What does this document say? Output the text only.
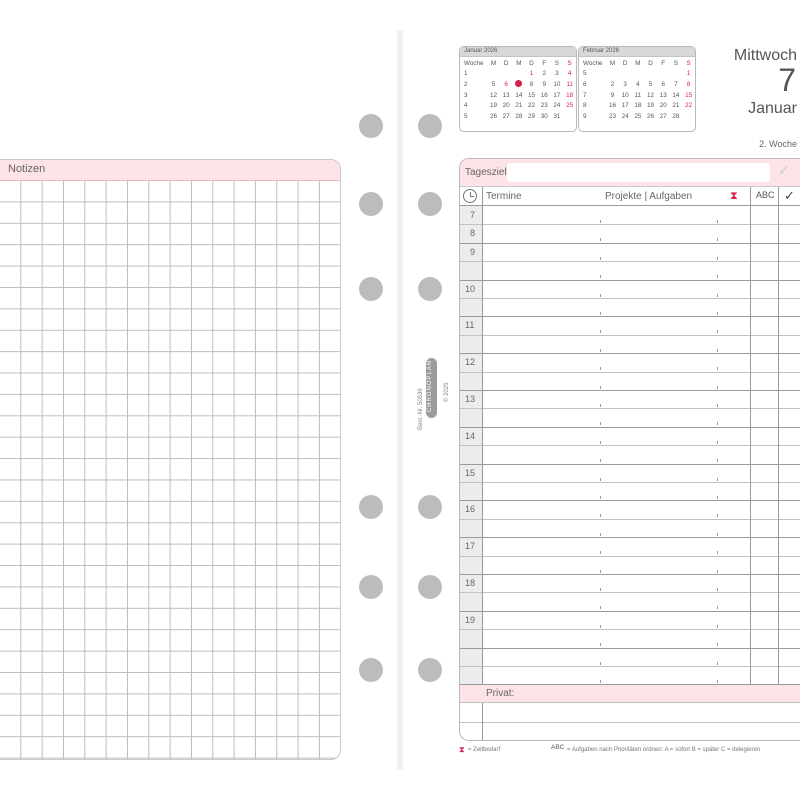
Notizen
CHRONOPLAN
Best.-Nr. 50536	© 2025
Januar 2026
Woche	M	D	M	D	F	S	S
1				1	2	3	4
2	5	6		8	9	10	11
3	12	13	14	15	16	17	18
4	19	20	21	22	23	24	25
5	26	27	28	29	30	31	
Februar 2026
Woche	M	D	M	D	F	S	S
5							1
6	2	3	4	5	6	7	8
7	9	10	11	12	13	14	15
8	16	17	18	19	20	21	22
9	23	24	25	26	27	28	
Mittwoch
7
Januar
2. Woche
Tagesziel	✓
Termine	Projekte | Aufgaben	⧗ ABC ✓
7
8
9
10
11
12
13
14
15
16
17
18
19
Privat:
⧗ = Zeitbedarf	ABC = Aufgaben nach Prioritäten ordnen: A = sofort B = später C = delegieren
